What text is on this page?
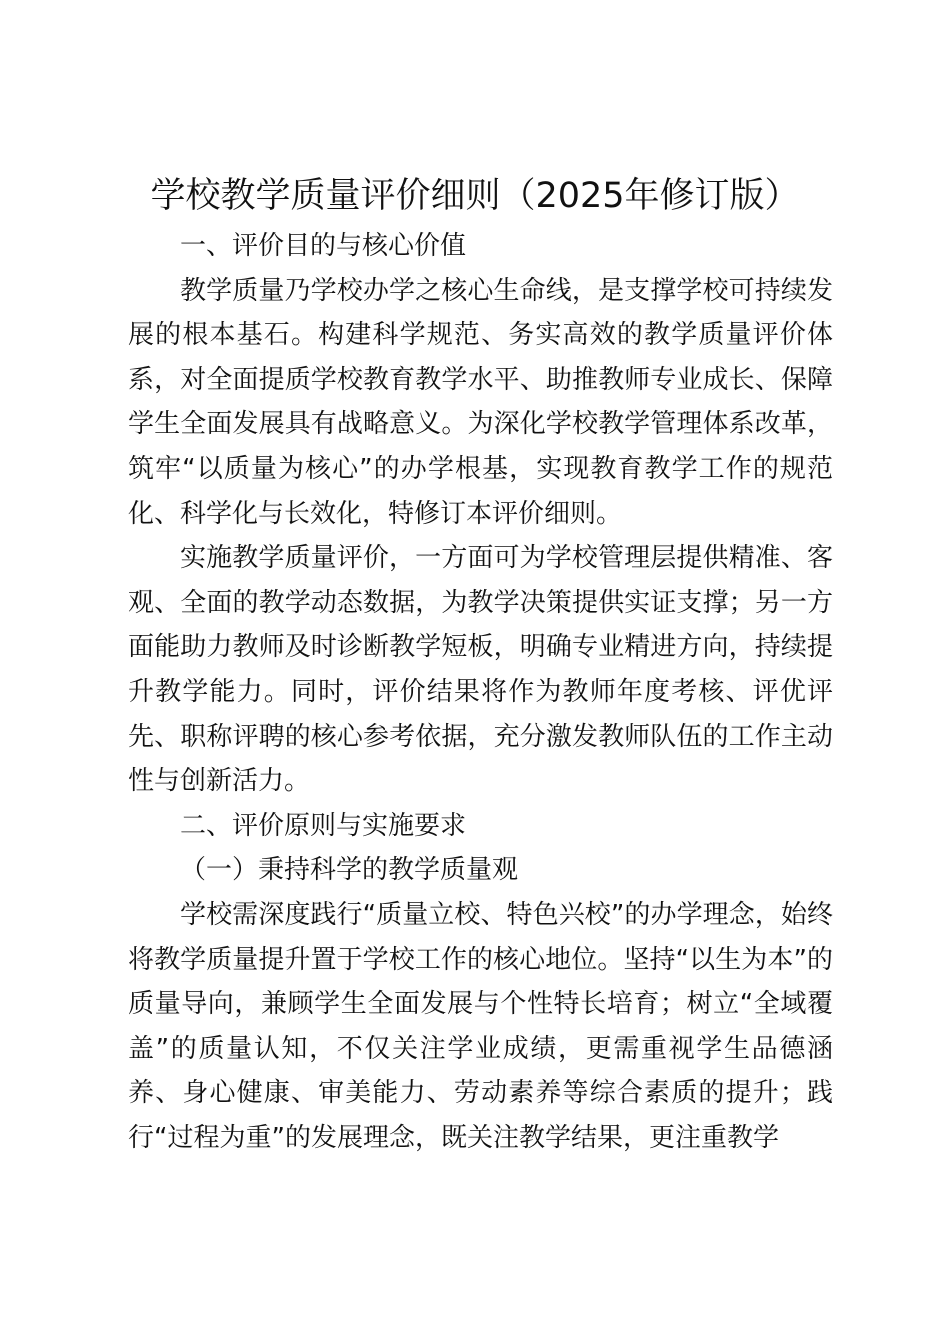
学校教学质量评价细则（2025年修订版）

一、评价目的与核心价值

教学质量乃学校办学之核心生命线，是支撑学校可持续发展的根本基石。构建科学规范、务实高效的教学质量评价体系，对全面提质学校教育教学水平、助推教师专业成长、保障学生全面发展具有战略意义。为深化学校教学管理体系改革，筑牢“以质量为核心”的办学根基，实现教育教学工作的规范化、科学化与长效化，特修订本评价细则。

实施教学质量评价，一方面可为学校管理层提供精准、客观、全面的教学动态数据，为教学决策提供实证支撑；另一方面能助力教师及时诊断教学短板，明确专业精进方向，持续提升教学能力。同时，评价结果将作为教师年度考核、评优评先、职称评聘的核心参考依据，充分激发教师队伍的工作主动性与创新活力。

二、评价原则与实施要求

（一）秉持科学的教学质量观

学校需深度践行“质量立校、特色兴校”的办学理念，始终将教学质量提升置于学校工作的核心地位。坚持“以生为本”的质量导向，兼顾学生全面发展与个性特长培育；树立“全域覆盖”的质量认知，不仅关注学业成绩，更需重视学生品德涵养、身心健康、审美能力、劳动素养等综合素质的提升；践行“过程为重”的发展理念，既关注教学结果，更注重教学
